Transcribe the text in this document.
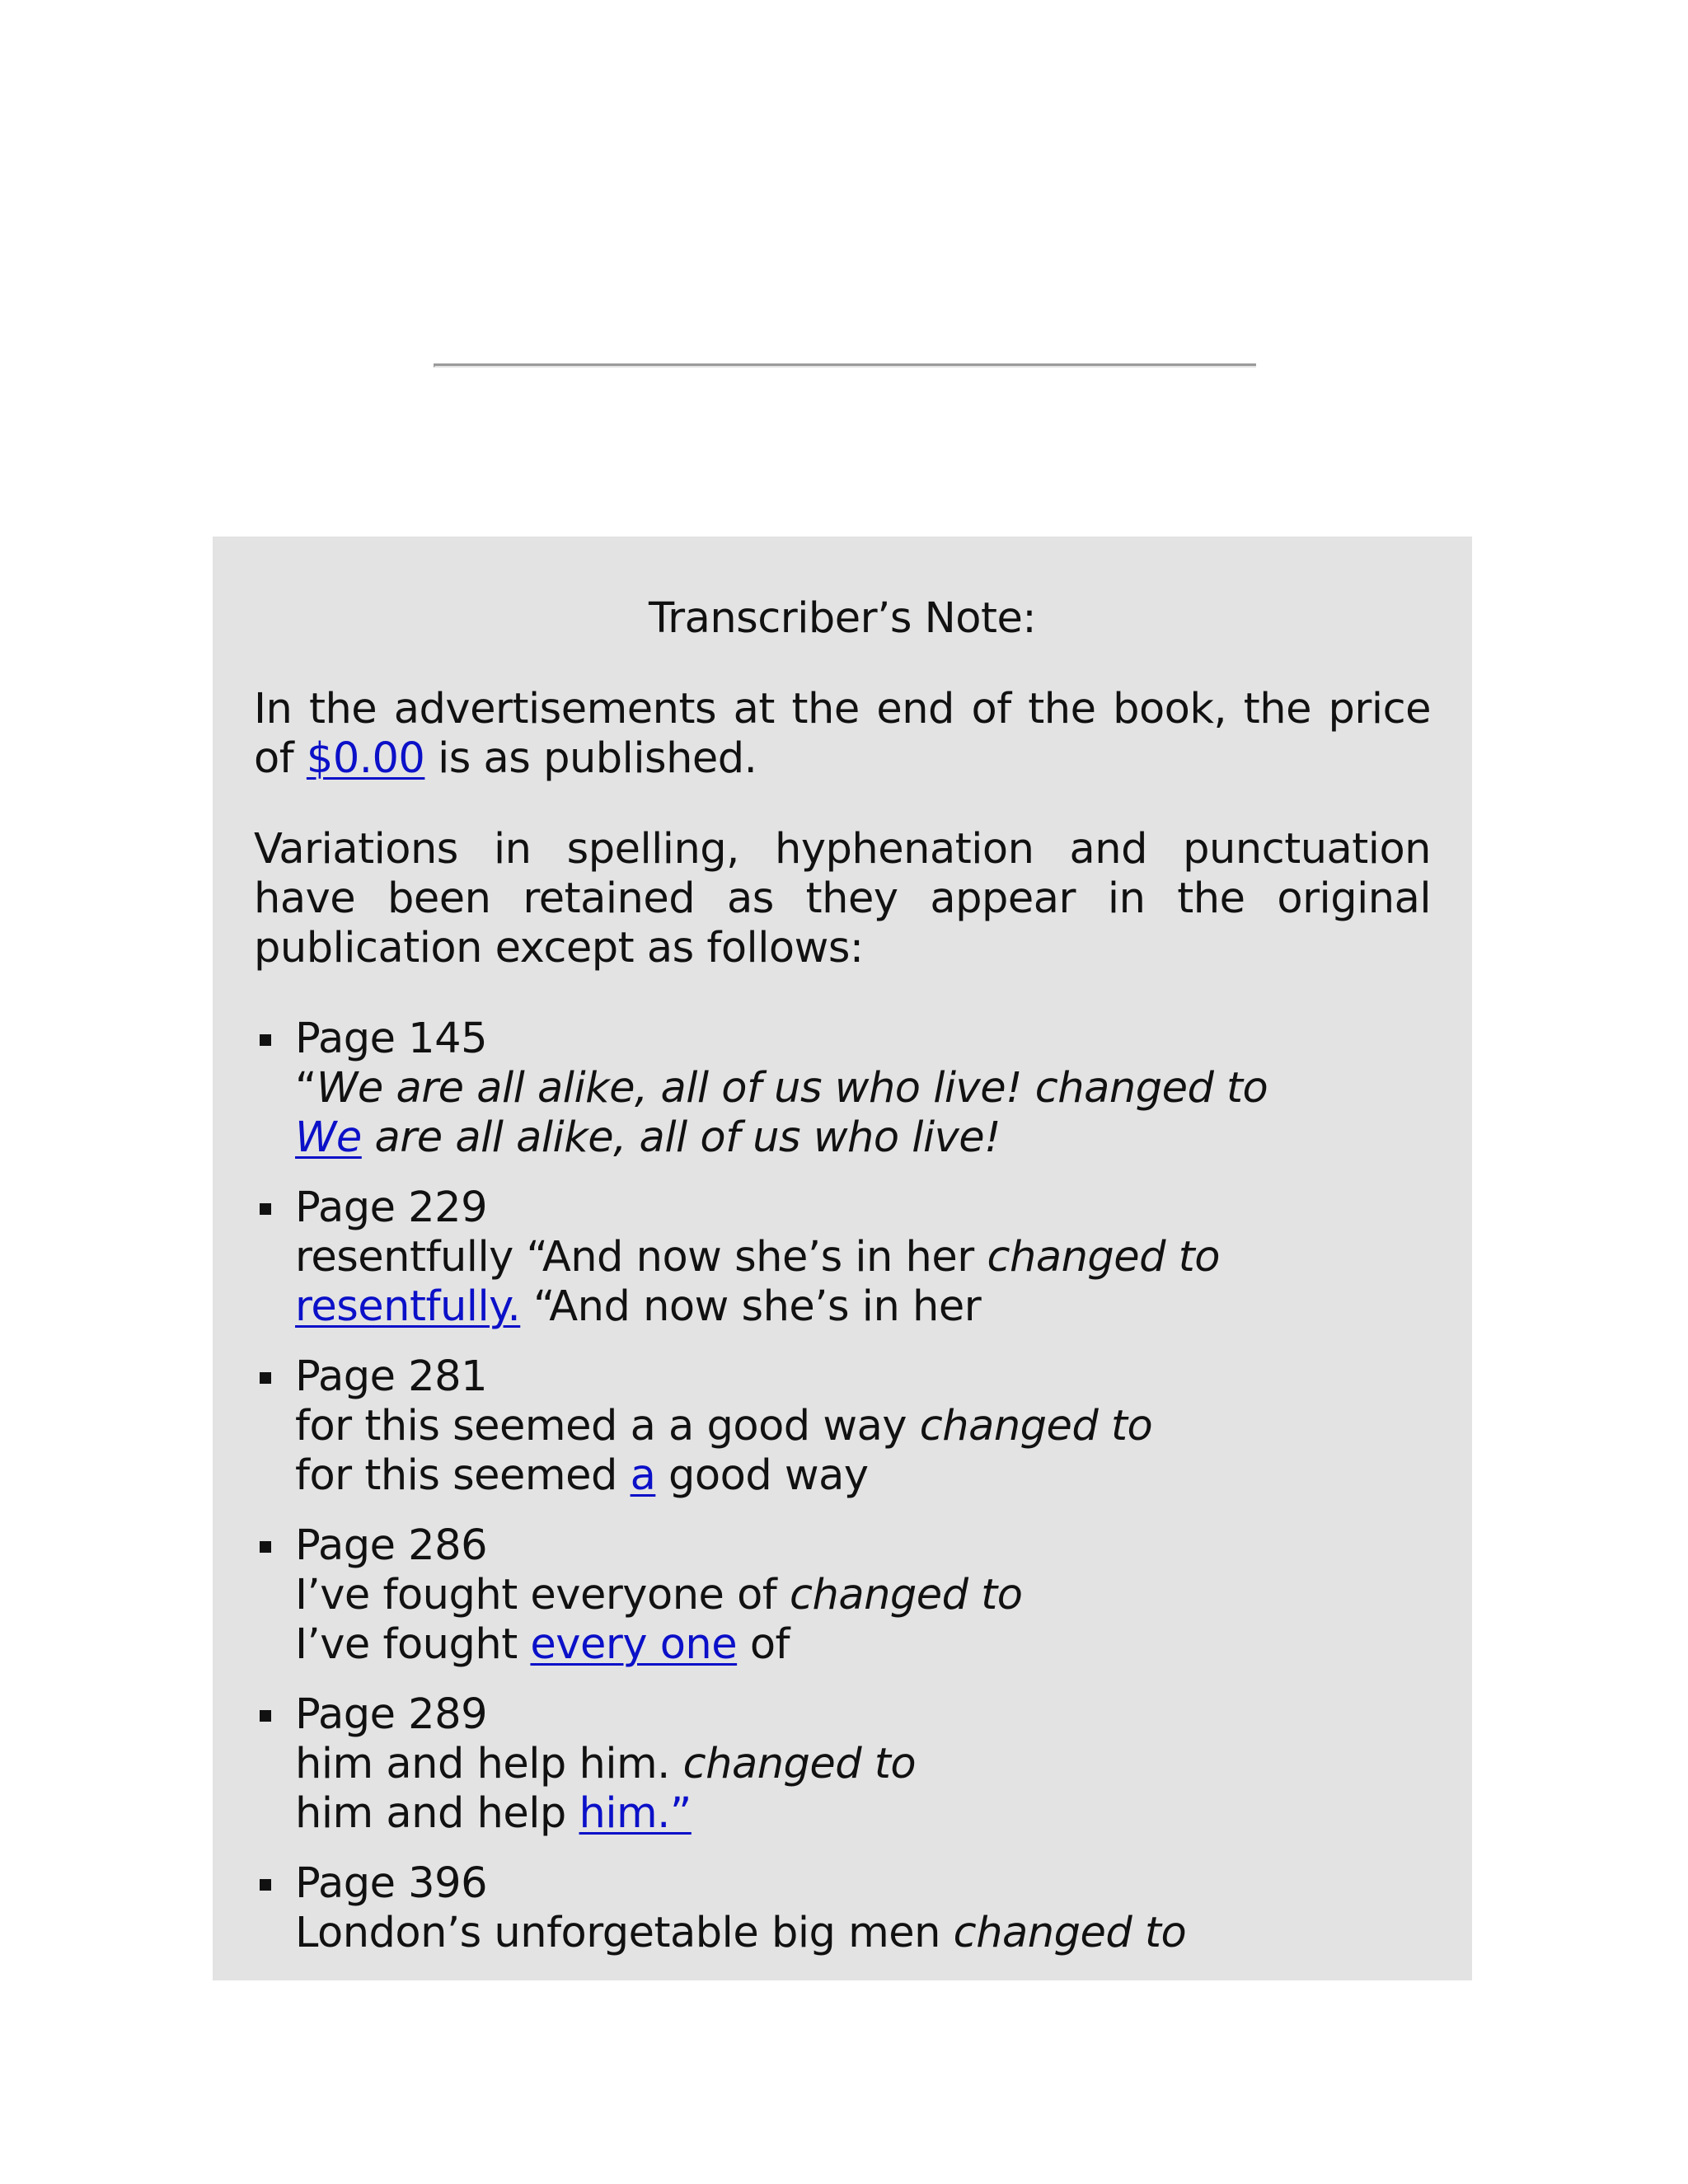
Transcriber’s Note:

In the advertisements at the end of the book, the price of $0.00 is as published.

Variations in spelling, hyphenation and punctuation have been retained as they appear in the original publication except as follows:

Page 145
“We are all alike, all of us who live! changed to
We are all alike, all of us who live!
Page 229
resentfully “And now she’s in her changed to
resentfully. “And now she’s in her
Page 281
for this seemed a a good way changed to
for this seemed a good way
Page 286
I’ve fought everyone of changed to
I’ve fought every one of
Page 289
him and help him. changed to
him and help him.”
Page 396
London’s unforgetable big men changed to
